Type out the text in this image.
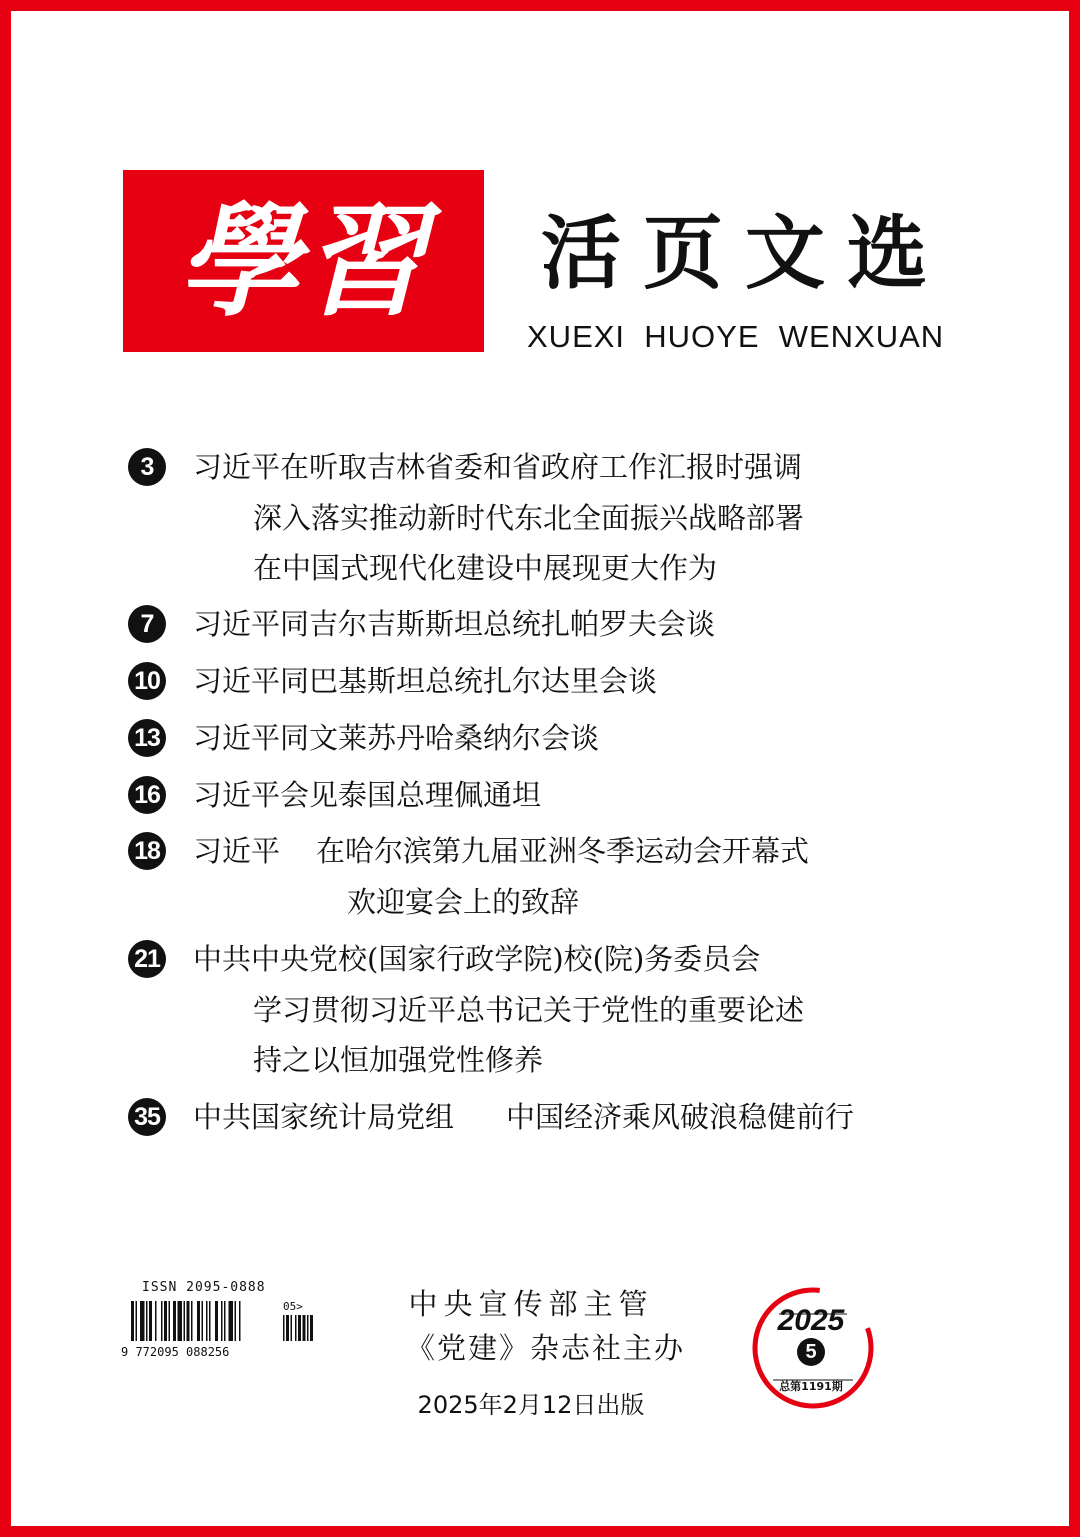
學習	活页文选
XUEXI  HUOYE  WENXUAN
3	习近平在听取吉林省委和省政府工作汇报时强调
深入落实推动新时代东北全面振兴战略部署
在中国式现代化建设中展现更大作为
7	习近平同吉尔吉斯斯坦总统扎帕罗夫会谈
10 习近平同巴基斯坦总统扎尔达里会谈
13 习近平同文莱苏丹哈桑纳尔会谈
16 习近平会见泰国总理佩通坦
18 习近平 在哈尔滨第九届亚洲冬季运动会开幕式
欢迎宴会上的致辞
21 中共中央党校(国家行政学院)校(院)务委员会
学习贯彻习近平总书记关于党性的重要论述
持之以恒加强党性修养
35 中共国家统计局党组 中国经济乘风破浪稳健前行
ISSN 2095-0888
9 772095 088256
05>	中央宣传部主管
《党建》杂志社主办
2025年2月12日出版
2025
5
总第1191期
